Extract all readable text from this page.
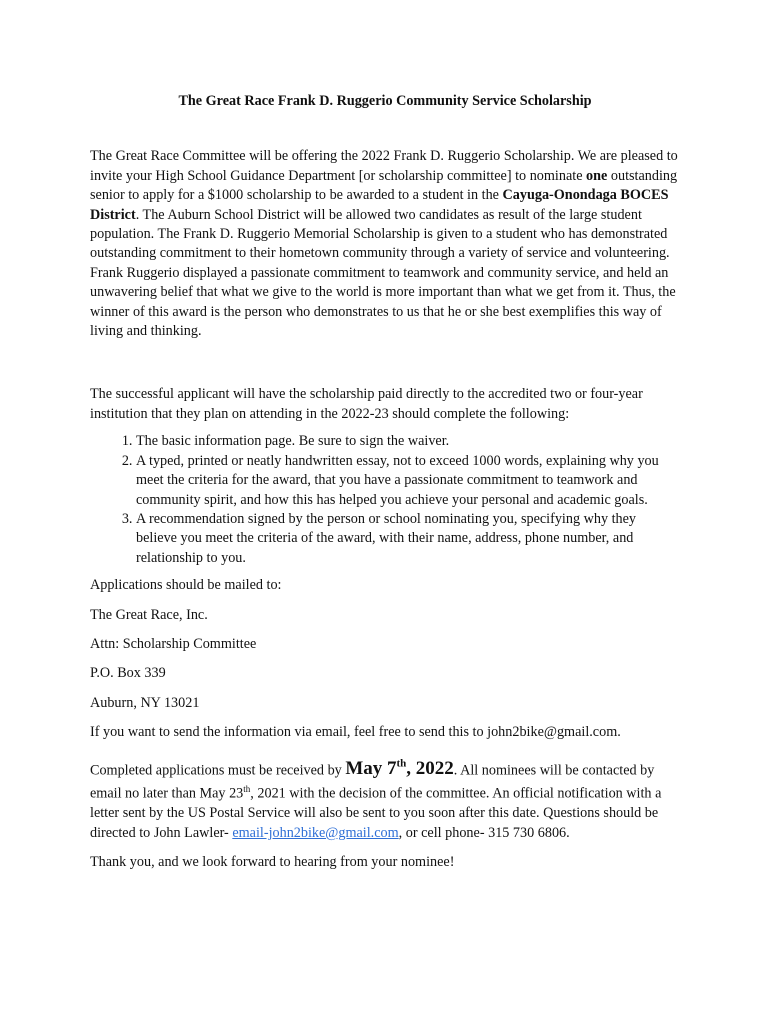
The Great Race Frank D. Ruggerio Community Service Scholarship

The Great Race Committee will be offering the 2022 Frank D. Ruggerio Scholarship. We are pleased to invite your High School Guidance Department [or scholarship committee] to nominate one outstanding senior to apply for a $1000 scholarship to be awarded to a student in the Cayuga-Onondaga BOCES District. The Auburn School District will be allowed two candidates as result of the large student population. The Frank D. Ruggerio Memorial Scholarship is given to a student who has demonstrated outstanding commitment to their hometown community through a variety of service and volunteering. Frank Ruggerio displayed a passionate commitment to teamwork and community service, and held an unwavering belief that what we give to the world is more important than what we get from it. Thus, the winner of this award is the person who demonstrates to us that he or she best exemplifies this way of living and thinking.

The successful applicant will have the scholarship paid directly to the accredited two or four-year institution that they plan on attending in the 2022-23 should complete the following:

1. The basic information page. Be sure to sign the waiver.
2. A typed, printed or neatly handwritten essay, not to exceed 1000 words, explaining why you meet the criteria for the award, that you have a passionate commitment to teamwork and community spirit, and how this has helped you achieve your personal and academic goals.
3. A recommendation signed by the person or school nominating you, specifying why they believe you meet the criteria of the award, with their name, address, phone number, and relationship to you.

Applications should be mailed to:

The Great Race, Inc.

Attn: Scholarship Committee

P.O. Box 339

Auburn, NY 13021

If you want to send the information via email, feel free to send this to john2bike@gmail.com.

Completed applications must be received by May 7th, 2022. All nominees will be contacted by email no later than May 23th, 2021 with the decision of the committee. An official notification with a letter sent by the US Postal Service will also be sent to you soon after this date. Questions should be directed to John Lawler- email-john2bike@gmail.com, or cell phone- 315 730 6806.

Thank you, and we look forward to hearing from your nominee!
